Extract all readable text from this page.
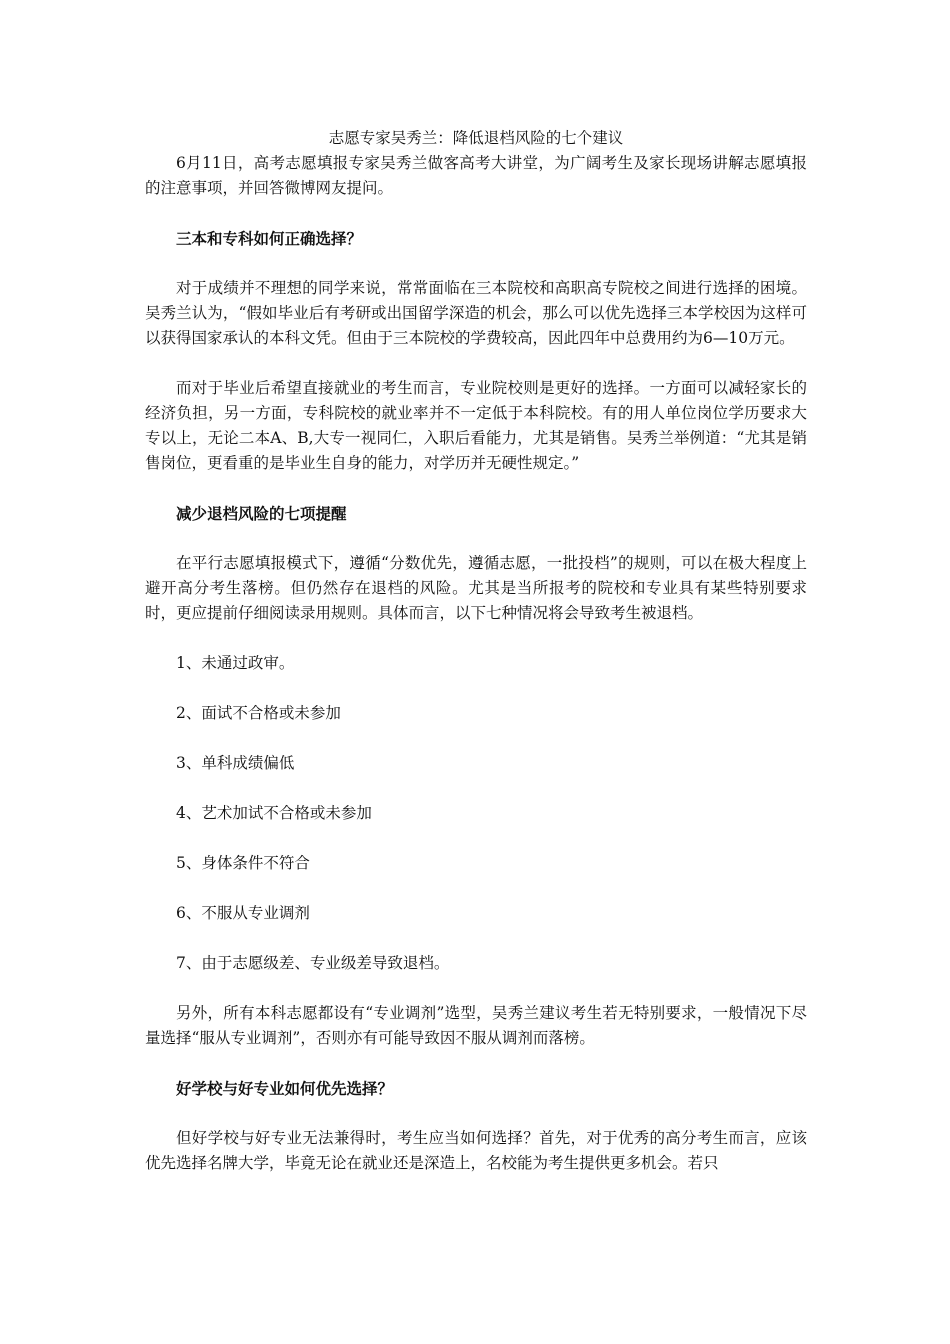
志愿专家吴秀兰：降低退档风险的七个建议

6月11日，高考志愿填报专家吴秀兰做客高考大讲堂，为广阔考生及家长现场讲解志愿填报的注意事项，并回答微博网友提问。

三本和专科如何正确选择？

对于成绩并不理想的同学来说，常常面临在三本院校和高职高专院校之间进行选择的困境。吴秀兰认为，“假如毕业后有考研或出国留学深造的机会，那么可以优先选择三本学校因为这样可以获得国家承认的本科文凭。但由于三本院校的学费较高，因此四年中总费用约为6—10万元。

而对于毕业后希望直接就业的考生而言，专业院校则是更好的选择。一方面可以减轻家长的经济负担，另一方面，专科院校的就业率并不一定低于本科院校。有的用人单位岗位学历要求大专以上，无论二本A、B,大专一视同仁，入职后看能力，尤其是销售。吴秀兰举例道：“尤其是销售岗位，更看重的是毕业生自身的能力，对学历并无硬性规定。”

减少退档风险的七项提醒

在平行志愿填报模式下，遵循“分数优先，遵循志愿，一批投档”的规则，可以在极大程度上避开高分考生落榜。但仍然存在退档的风险。尤其是当所报考的院校和专业具有某些特别要求时，更应提前仔细阅读录用规则。具体而言，以下七种情况将会导致考生被退档。

1、未通过政审。
2、面试不合格或未参加
3、单科成绩偏低
4、艺术加试不合格或未参加
5、身体条件不符合
6、不服从专业调剂
7、由于志愿级差、专业级差导致退档。

另外，所有本科志愿都设有“专业调剂”选型，吴秀兰建议考生若无特别要求，一般情况下尽量选择“服从专业调剂”，否则亦有可能导致因不服从调剂而落榜。

好学校与好专业如何优先选择？

但好学校与好专业无法兼得时，考生应当如何选择？首先，对于优秀的高分考生而言，应该优先选择名牌大学，毕竟无论在就业还是深造上，名校能为考生提供更多机会。若只
